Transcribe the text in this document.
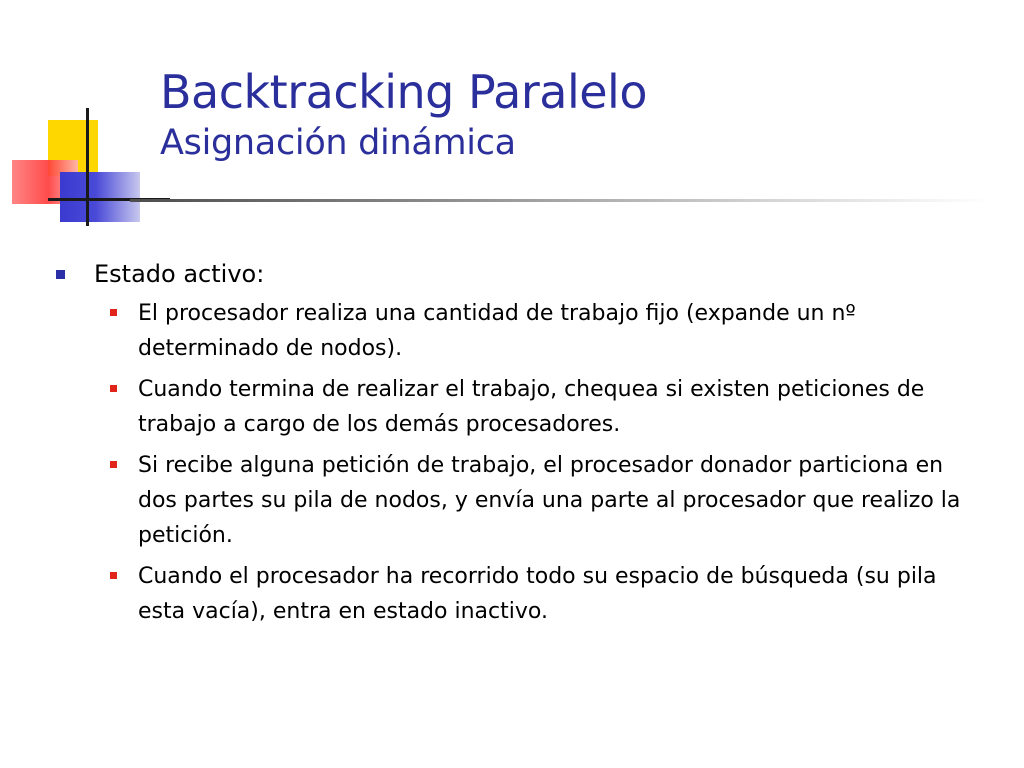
Backtracking Paralelo
Asignación dinámica
Estado activo:
El procesador realiza una cantidad de trabajo fijo (expande un nº determinado de nodos).
Cuando termina de realizar el trabajo, chequea si existen peticiones de trabajo a cargo de los demás procesadores.
Si recibe alguna petición de trabajo, el procesador donador particiona en dos partes su pila de nodos, y envía una parte al procesador que realizo la petición.
Cuando el procesador ha recorrido todo su espacio de búsqueda (su pila esta vacía), entra en estado inactivo.
